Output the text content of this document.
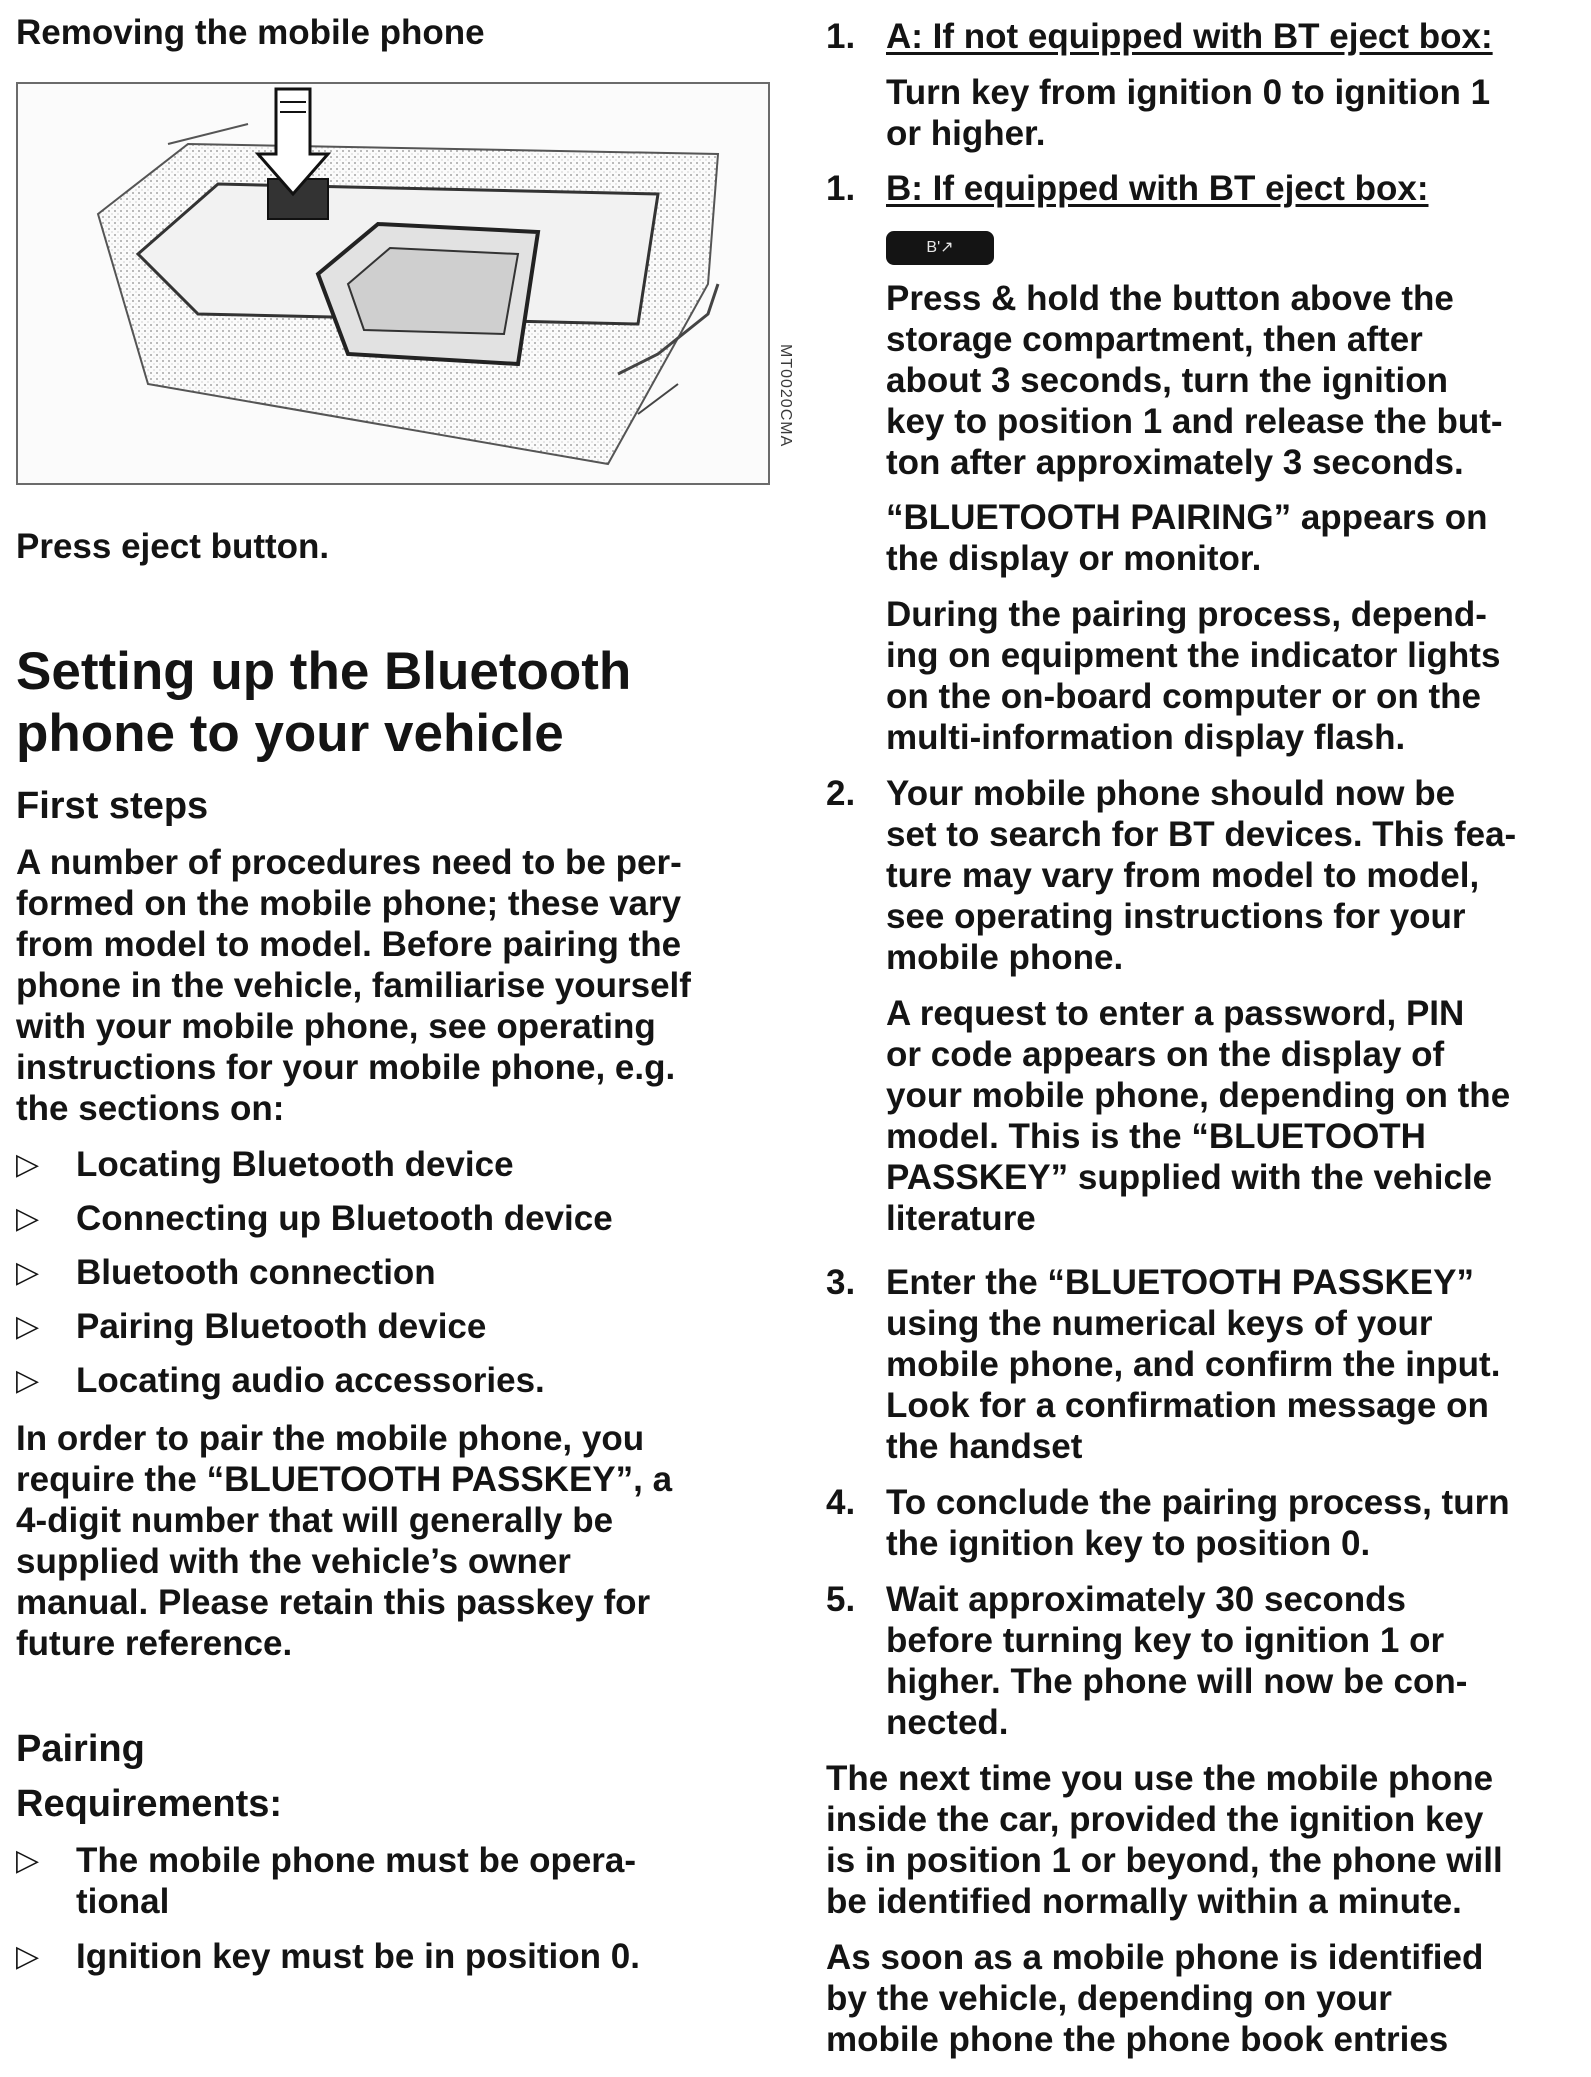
Removing the mobile phone
MT0020CMA
Press eject button.
Setting up the Bluetooth
phone to your vehicle
First steps
A number of procedures need to be per-
formed on the mobile phone; these vary
from model to model. Before pairing the
phone in the vehicle, familiarise yourself
with your mobile phone, see operating
instructions for your mobile phone, e.g.
the sections on:
▷ Locating Bluetooth device
▷ Connecting up Bluetooth device
▷ Bluetooth connection
▷ Pairing Bluetooth device
▷ Locating audio accessories.
In order to pair the mobile phone, you
require the “BLUETOOTH PASSKEY”, a
4-digit number that will generally be
supplied with the vehicle’s owner
manual. Please retain this passkey for
future reference.
Pairing
Requirements:
▷ The mobile phone must be opera-
tional
▷ Ignition key must be in position 0.
1. A: If not equipped with BT eject box:
Turn key from ignition 0 to ignition 1
or higher.
1. B: If equipped with BT eject box:
B'↗
Press & hold the button above the
storage compartment, then after
about 3 seconds, turn the ignition
key to position 1 and release the but-
ton after approximately 3 seconds.
“BLUETOOTH PAIRING” appears on
the display or monitor.
During the pairing process, depend-
ing on equipment the indicator lights
on the on-board computer or on the
multi-information display flash.
2. Your mobile phone should now be
set to search for BT devices. This fea-
ture may vary from model to model,
see operating instructions for your
mobile phone.
A request to enter a password, PIN
or code appears on the display of
your mobile phone, depending on the
model. This is the “BLUETOOTH
PASSKEY” supplied with the vehicle
literature
3. Enter the “BLUETOOTH PASSKEY”
using the numerical keys of your
mobile phone, and confirm the input.
Look for a confirmation message on
the handset
4. To conclude the pairing process, turn
the ignition key to position 0.
5. Wait approximately 30 seconds
before turning key to ignition 1 or
higher. The phone will now be con-
nected.
The next time you use the mobile phone
inside the car, provided the ignition key
is in position 1 or beyond, the phone will
be identified normally within a minute.
As soon as a mobile phone is identified
by the vehicle, depending on your
mobile phone the phone book entries
